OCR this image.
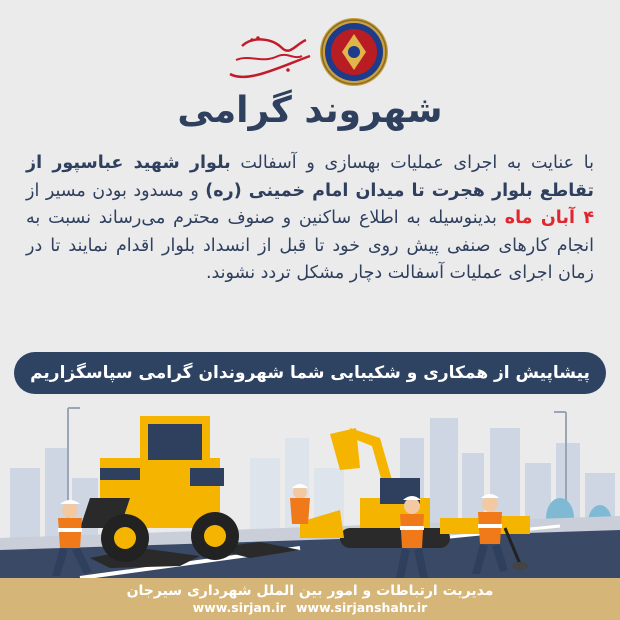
شهروند گرامی
با عنایت به اجرای عملیات بهسازی و آسفالت بلوار شهید عباسپور از تقاطع بلوار هجرت تا میدان امام خمینی (ره) و مسدود بودن مسیر از ۴ آبان ماه بدینوسیله به اطلاع ساکنین و صنوف محترم می‌رساند نسبت به انجام کارهای صنفی پیش روی خود تا قبل از انسداد بلوار اقدام نمایند تا در زمان اجرای عملیات آسفالت دچار مشکل تردد نشوند.
پیشاپیش از همکاری و شکیبایی شما شهروندان گرامی سپاسگزاریم
مدیریت ارتباطات و امور بین الملل شهرداری سیرجان
www.sirjan.ir www.sirjanshahr.ir
